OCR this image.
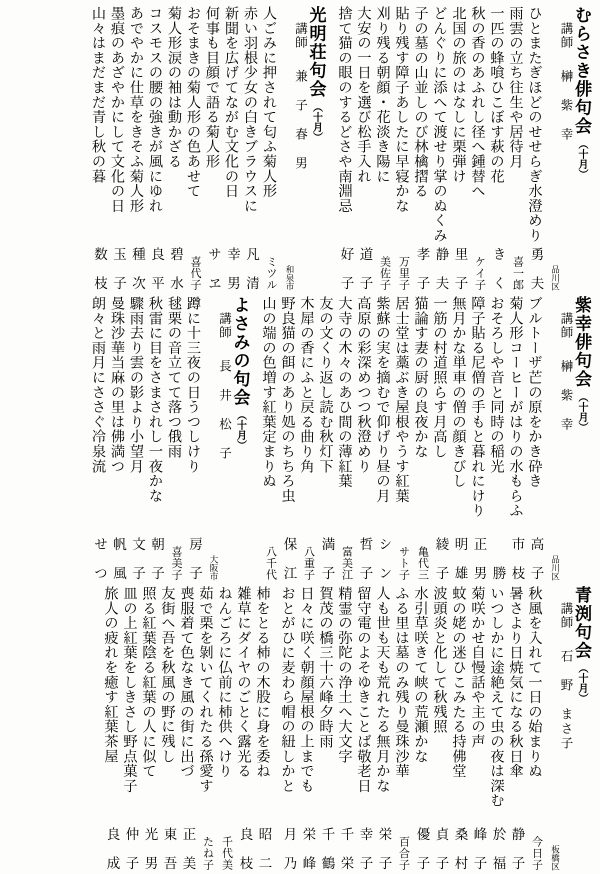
むらさき俳句会（十月）
講師　榊　紫　幸
品川区
ひとまたぎほどのせせらぎ水澄めり
勇　夫
雨雲の立ち往生や居待月
喜一郎
一匹の蜂喰ひこぼす萩の花
き　く
秋の香のあふれし径へ鍾替へ
ケイ子
北国の旅のはなしに栗弾け
里　子
どんぐりに添へて渡せり掌のぬくみ
静　夫
子の墓の山並しのび林檎摺る
孝　子
貼り残す障子あしたに早寝かな
万里子
刈り残る朝顔・花淡き陽に
美佐子
大安の一日を選び松手入れ
道　子
捨て猫の眼のするどさや南淵忌
好　子
光明荘句会（十月）
講師　兼　子　春　男
和泉市
人ごみに押されて匂ふ菊人形
ミツル
赤い羽根少女の白きブラウスに
凡　清
新聞を広げてながむ文化の日
幸　男
何事も目顔で語る菊人形
サ　ヱ
おそまきの菊人形の色あせて
喜代子
菊人形涙の袖は動かざる
碧　水
コスモスの腰の強きが風にゆれ
良　平
あでやかに仕草をきそふ菊人形
種　次
墨痕のあざやかにして文化の日
玉　子
山々はまだまだ青し秋の暮
数　枝
紫幸俳句会（十月）
講師　榊　紫　幸
品川区
ブルトーザ芒の原をかき砕き
高　子
菊人形コーヒーがはりの水もらふ
市　枝
おそろしや音と同時の稲光
勝
障子貼る尼僧の手もと暮れにけり
正　男
無月かな単車の僧の顔きびし
明　雄
一筋の村道照らす月高し
綾　子
猫論す妻の厨の良夜かな
亀代三
居士堂は藁ぶき屋根やうす紅葉
サト子
紫蘇の実を摘むで仰げり昼の月
シ　ン
高原の彩深めつつ秋澄めり
哲　子
大寺の木々のあひ間の薄紅葉
富美江
友の文くり返し読む秋灯下
満　子
木犀の香にふと戻る曲り角
八重子
野良猫の餌のあり処のちちろ虫
保　江
山の端の色増す紅葉定まりぬ
八千代
よさみの句会（十月）
講師　長　井　松　子
大阪市
蹲に十三夜の日うつしけり
房　子
毬栗の音立てて落つ俄雨
喜美子
秋雷に目をさまされし一夜かな
朝　子
驟雨去り雲の影より小望月
文　子
曼珠沙華当麻の里は佛満つ
帆　風
朗々と雨月にささぐ冷泉流
せ　つ
青渕句会（十月）
講師　石　野　まさ子
板橋区
秋風を入れて一日の始まりぬ
今日子
暑さより日焼気になる秋日傘
静　子
いつしかに途絶えて虫の夜は深む
於　福
菊咲かせ自慢話や主の声
峰　子
蚊の姥の迷ひこみたる持佛堂
桑　村
波頭炎と化して秋残照
貞　子
水引草咲きて峡の荒瀬かな
優　子
ふる里は墓のみ残り曼珠沙華
百合子
人も世も天も荒れたる無月かな
栄　子
留守電のよそゆきことば敬老日
幸　子
精霊の弥陀の浄土へ大文字
千　栄
賀茂の橋三十六峰夕時雨
千　鶴
日々に咲く朝顔屋根の上までも
栄　峰
おとがひに麦わら帽の紐しかと
月　乃
柿をとる柿の木股に身を委ね
昭　二
雑草にダイヤのごとく露光る
良　枝
ねんごろに仏前に柿供へけり
千代美
茹で栗を剝いてくれたる孫愛す
たね子
喪服着て色なき風の街に出づ
正　美
友街へ吾を秋風の野に残し
東　吾
照る紅葉陰る紅葉の人に似て
光　男
皿の上紅葉をしきさし野点菓子
仲　子
旅人の疲れを癒す紅葉茶屋
良　成
